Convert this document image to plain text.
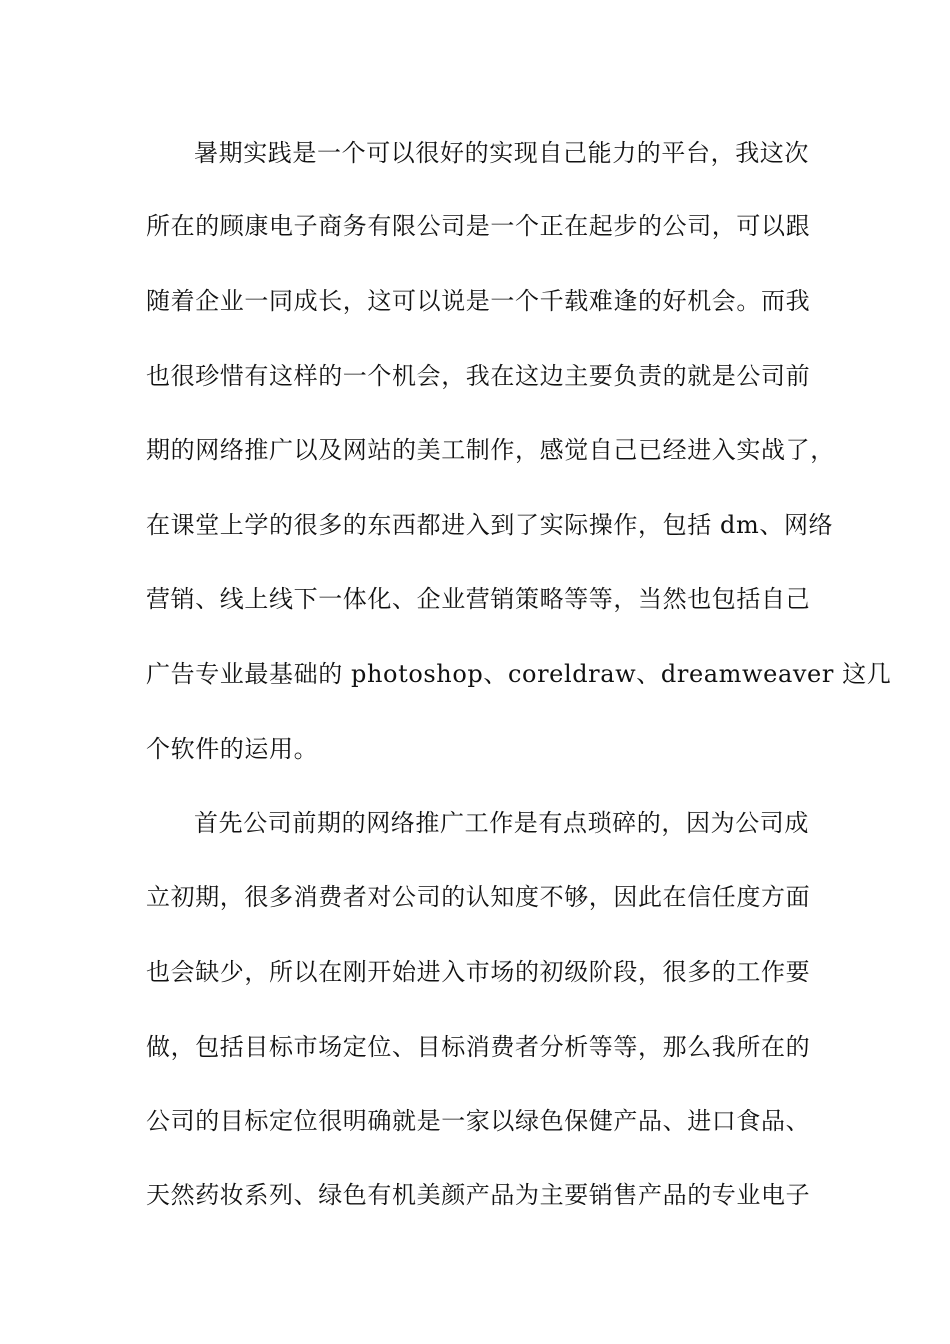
暑期实践是一个可以很好的实现自己能力的平台，我这次
所在的顾康电子商务有限公司是一个正在起步的公司，可以跟
随着企业一同成长，这可以说是一个千载难逢的好机会。而我
也很珍惜有这样的一个机会，我在这边主要负责的就是公司前
期的网络推广以及网站的美工制作，感觉自己已经进入实战了，
在课堂上学的很多的东西都进入到了实际操作，包括 dm、网络
营销、线上线下一体化、企业营销策略等等，当然也包括自己
广告专业最基础的 photoshop、coreldraw、dreamweaver 这几
个软件的运用。
首先公司前期的网络推广工作是有点琐碎的，因为公司成
立初期，很多消费者对公司的认知度不够，因此在信任度方面
也会缺少，所以在刚开始进入市场的初级阶段，很多的工作要
做，包括目标市场定位、目标消费者分析等等，那么我所在的
公司的目标定位很明确就是一家以绿色保健产品、进口食品、
天然药妆系列、绿色有机美颜产品为主要销售产品的专业电子
